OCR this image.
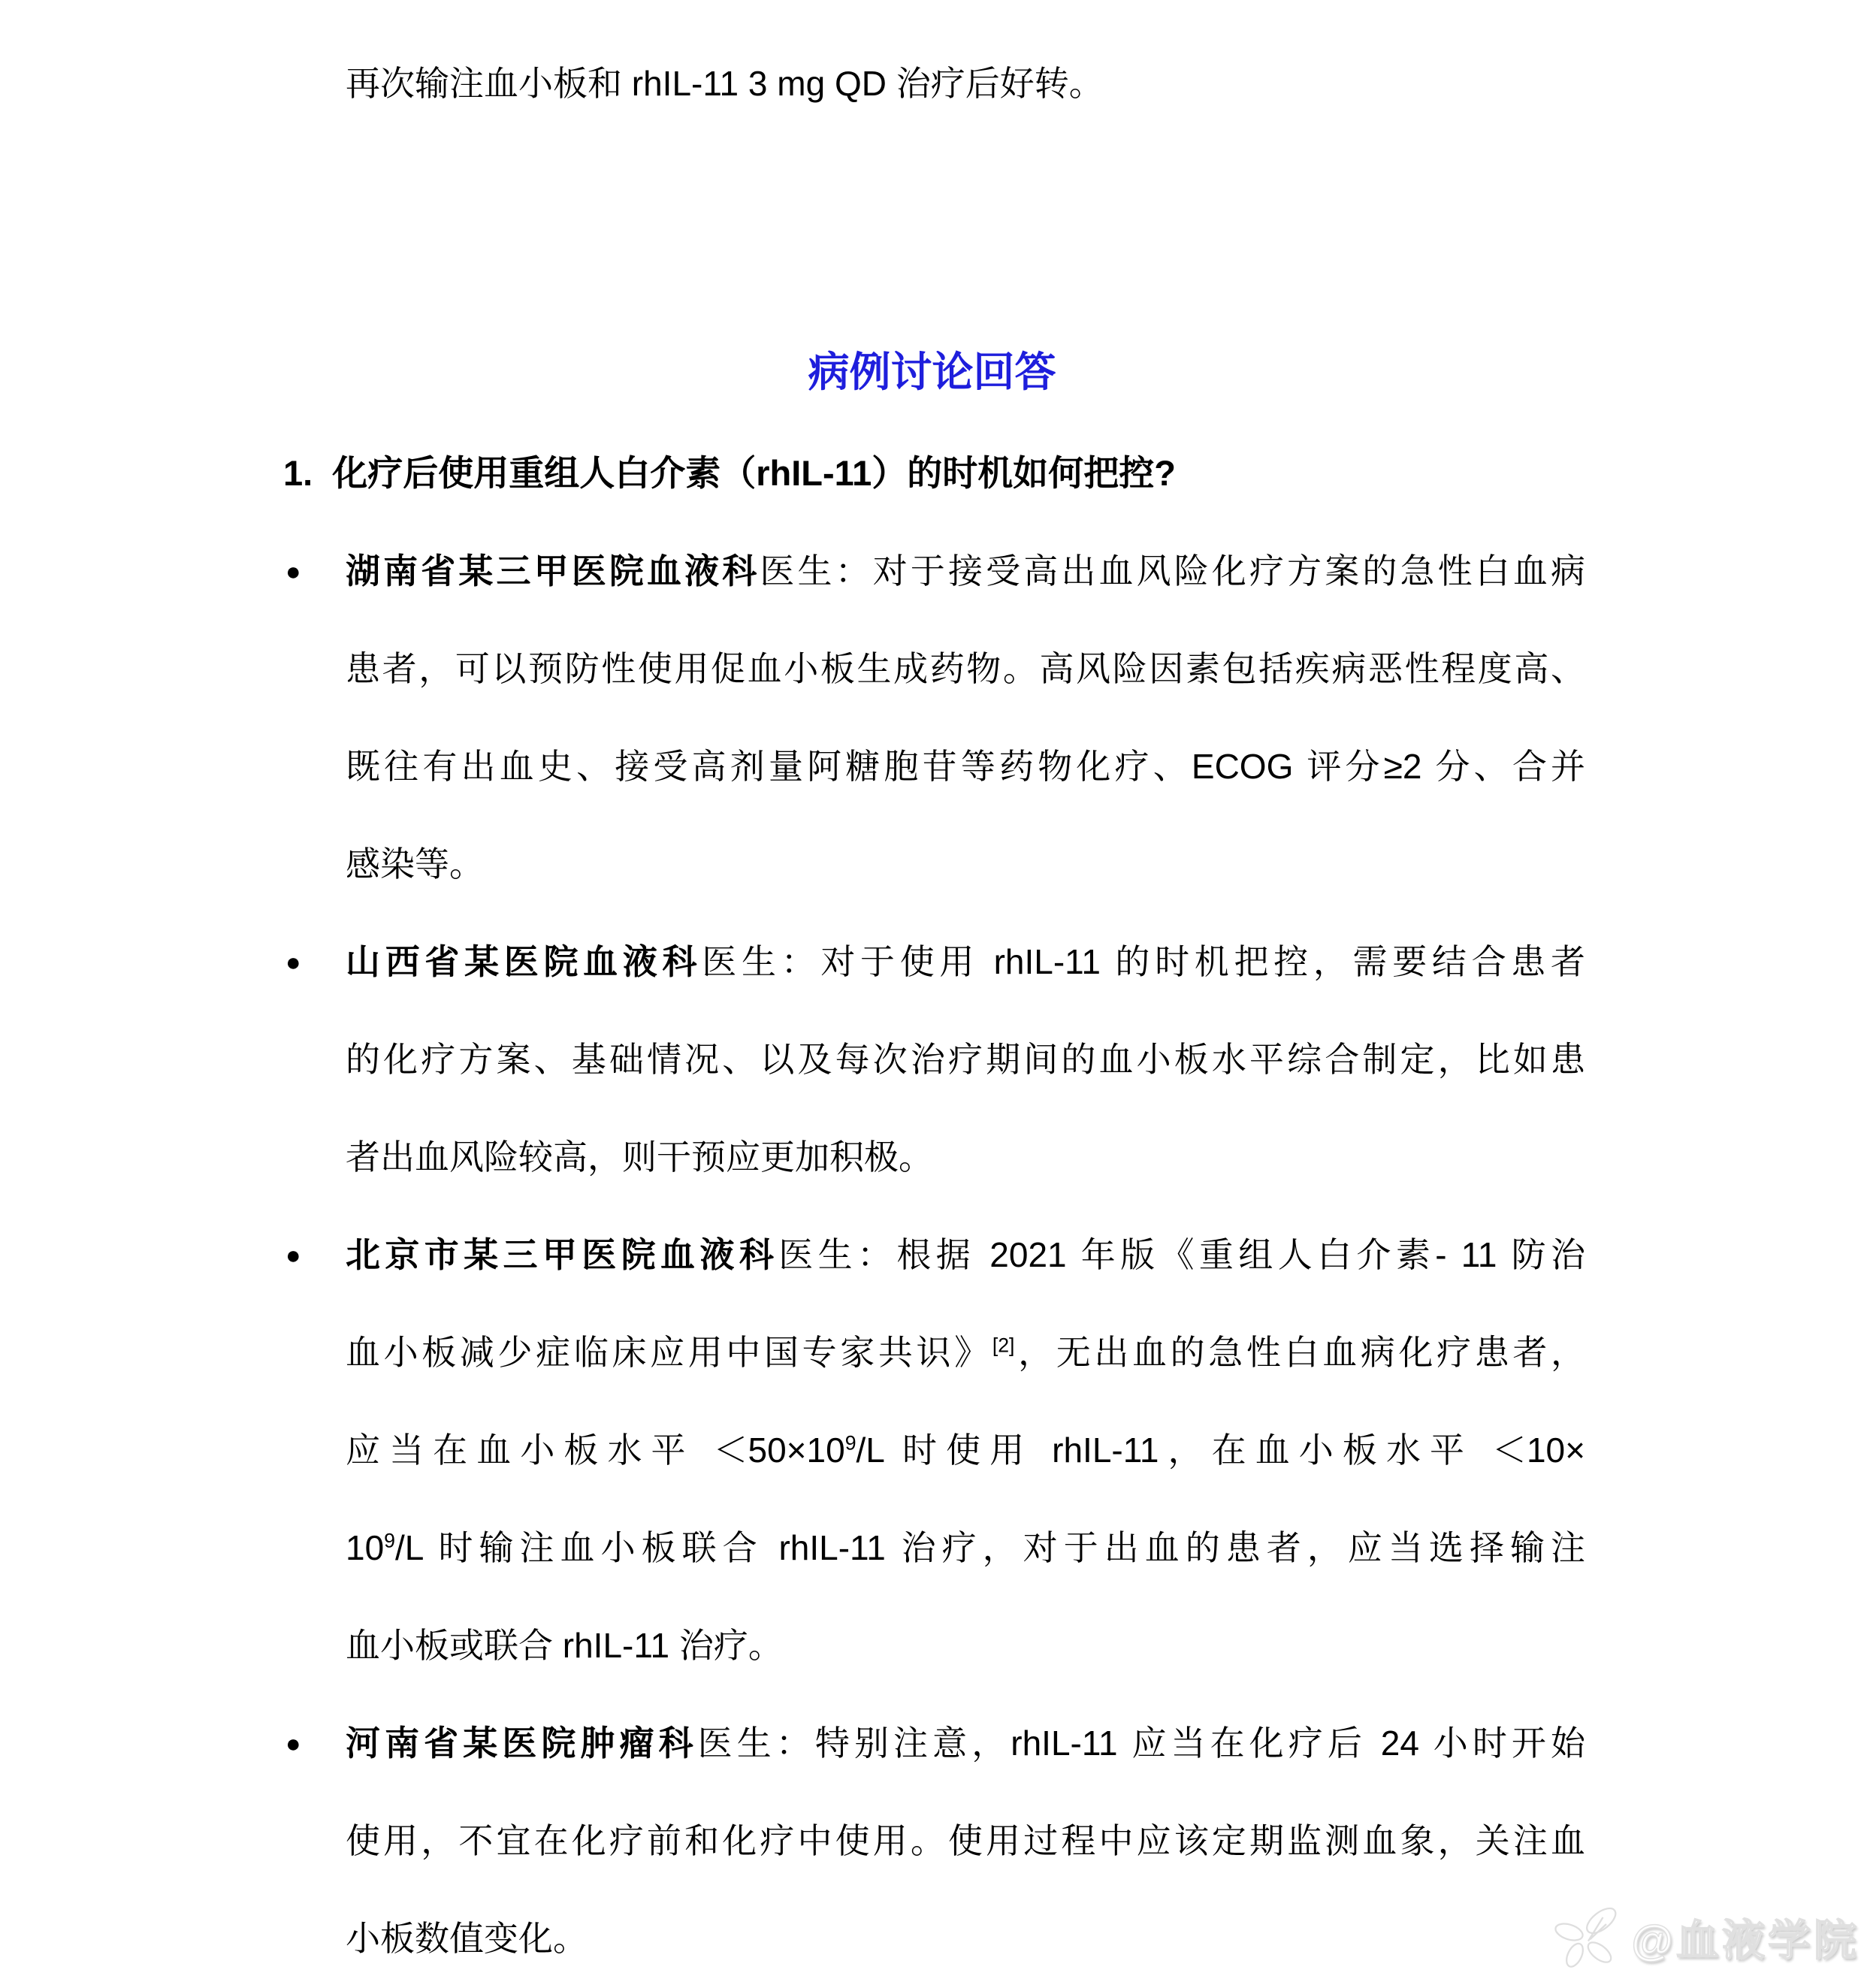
再次输注血小板和 rhIL-11 3 mg QD 治疗后好转。

病例讨论回答
1. 化疗后使用重组人白介素（rhIL-11）的时机如何把控?
● 湖南省某三甲医院血液科医生：对于接受高出血风险化疗方案的急性白血病
患者，可以预防性使用促血小板生成药物。高风险因素包括疾病恶性程度高、
既往有出血史、接受高剂量阿糖胞苷等药物化疗、ECOG 评分≥2 分、合并
感染等。
● 山西省某医院血液科医生：对于使用 rhIL-11 的时机把控，需要结合患者
的化疗方案、基础情况、以及每次治疗期间的血小板水平综合制定，比如患
者出血风险较高，则干预应更加积极。
● 北京市某三甲医院血液科医生：根据 2021 年版《重组人白介素- 11 防治
血小板减少症临床应用中国专家共识》[2]，无出血的急性白血病化疗患者，
应当在血小板水平 $<50\times 10^9/L$ 时使用 rhIL-11，在血小板水平 ＜10×
$10^9/L$ 时输注血小板联合 rhIL-11 治疗，对于出血的患者，应当选择输注
血小板或联合 rhIL-11 治疗。
● 河南省某医院肿瘤科医生：特别注意，rhIL-11 应当在化疗后 24 小时开始
使用，不宜在化疗前和化疗中使用。使用过程中应该定期监测血象，关注血
小板数值变化。	@血液学院
